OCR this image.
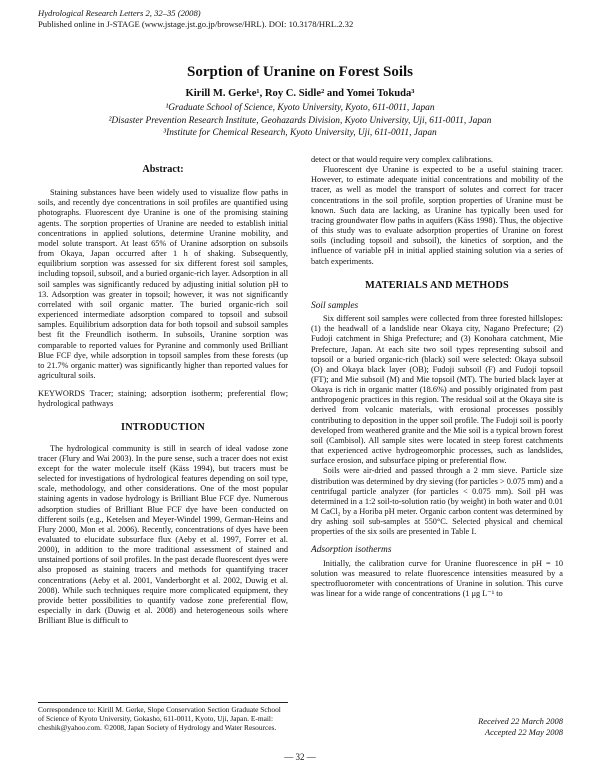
Hydrological Research Letters 2, 32–35 (2008)
Published online in J-STAGE (www.jstage.jst.go.jp/browse/HRL). DOI: 10.3178/HRL.2.32
Sorption of Uranine on Forest Soils
Kirill M. Gerke¹, Roy C. Sidle² and Yomei Tokuda³
¹Graduate School of Science, Kyoto University, Kyoto, 611-0011, Japan
²Disaster Prevention Research Institute, Geohazards Division, Kyoto University, Uji, 611-0011, Japan
³Institute for Chemical Research, Kyoto University, Uji, 611-0011, Japan
Abstract:

Staining substances have been widely used to visualize flow paths in soils, and recently dye concentrations in soil profiles are quantified using photographs. Fluorescent dye Uranine is one of the promising staining agents. The sorption properties of Uranine are needed to establish initial concentrations in applied solutions, determine Uranine mobility, and model solute transport. At least 65% of Uranine adsorption on subsoils from Okaya, Japan occurred after 1 h of shaking. Subsequently, equilibrium sorption was assessed for six different forest soil samples, including topsoil, subsoil, and a buried organic-rich layer. Adsorption in all soil samples was significantly reduced by adjusting initial solution pH to 13. Adsorption was greater in topsoil; however, it was not significantly correlated with soil organic matter. The buried organic-rich soil experienced intermediate adsorption compared to topsoil and subsoil samples. Equilibrium adsorption data for both topsoil and subsoil samples best fit the Freundlich isotherm. In subsoils, Uranine sorption was comparable to reported values for Pyranine and commonly used Brilliant Blue FCF dye, while adsorption in topsoil samples from these forests (up to 21.7% organic matter) was significantly higher than reported values for agricultural soils.

KEYWORDS Tracer; staining; adsorption isotherm; preferential flow; hydrological pathways

INTRODUCTION

The hydrological community is still in search of ideal vadose zone tracer (Flury and Wai 2003). In the pure sense, such a tracer does not exist except for the water molecule itself (Käss 1994), but tracers must be selected for investigations of hydrological features depending on soil type, scale, methodology, and other considerations. One of the most popular staining agents in vadose hydrology is Brilliant Blue FCF dye. Numerous adsorption studies of Brilliant Blue FCF dye have been conducted on different soils (e.g., Ketelsen and Meyer-Windel 1999, German-Heins and Flury 2000, Mon et al. 2006). Recently, concentrations of dyes have been evaluated to elucidate subsurface flux (Aeby et al. 1997, Forrer et al. 2000), in addition to the more traditional assessment of stained and unstained portions of soil profiles. In the past decade fluorescent dyes were also proposed as staining tracers and methods for quantifying tracer concentrations (Aeby et al. 2001, Vanderborght et al. 2002, Duwig et al. 2008). While such techniques require more complicated equipment, they provide better possibilities to quantify vadose zone preferential flow, especially in dark (Duwig et al. 2008) and heterogeneous soils where Brilliant Blue is difficult to

detect or that would require very complex calibrations.

Fluorescent dye Uranine is expected to be a useful staining tracer. However, to estimate adequate initial concentrations and mobility of the tracer, as well as model the transport of solutes and correct for tracer concentrations in the soil profile, sorption properties of Uranine must be known. Such data are lacking, as Uranine has typically been used for tracing groundwater flow paths in aquifers (Käss 1998). Thus, the objective of this study was to evaluate adsorption properties of Uranine on forest soils (including topsoil and subsoil), the kinetics of sorption, and the influence of variable pH in initial applied staining solution via a series of batch experiments.

MATERIALS AND METHODS
Soil samples

Six different soil samples were collected from three forested hillslopes: (1) the headwall of a landslide near Okaya city, Nagano Prefecture; (2) Fudoji catchment in Shiga Prefecture; and (3) Konohara catchment, Mie Prefecture, Japan. At each site two soil types representing subsoil and topsoil or a buried organic-rich (black) soil were selected: Okaya subsoil (O) and Okaya black layer (OB); Fudoji subsoil (F) and Fudoji topsoil (FT); and Mie subsoil (M) and Mie topsoil (MT). The buried black layer at Okaya is rich in organic matter (18.6%) and possibly originated from past anthropogenic practices in this region. The residual soil at the Okaya site is derived from volcanic materials, with erosional processes possibly contributing to deposition in the upper soil profile. The Fudoji soil is poorly developed from weathered granite and the Mie soil is a typical brown forest soil (Cambisol). All sample sites were located in steep forest catchments that experienced active hydrogeomorphic processes, such as landslides, surface erosion, and subsurface piping or preferential flow.

Soils were air-dried and passed through a 2 mm sieve. Particle size distribution was determined by dry sieving (for particles > 0.075 mm) and a centrifugal particle analyzer (for particles < 0.075 mm). Soil pH was determined in a 1:2 soil-to-solution ratio (by weight) in both water and 0.01 M CaCl₂ by a Horiba pH meter. Organic carbon content was determined by dry ashing soil sub-samples at 550°C. Selected physical and chemical properties of the six soils are presented in Table I.

Adsorption isotherms

Initially, the calibration curve for Uranine fluorescence in pH = 10 solution was measured to relate fluorescence intensities measured by a spectrofluorometer with concentrations of Uranine in solution. This curve was linear for a wide range of concentrations (1 μg L⁻¹ to

Correspondence to: Kirill M. Gerke, Slope Conservation Section Graduate School of Science of Kyoto University, Gokasho, 611-0011, Kyoto, Uji, Japan. E-mail: cheshik@yahoo.com. ©2008, Japan Society of Hydrology and Water Resources.
Received 22 March 2008
Accepted 22 May 2008
— 32 —
